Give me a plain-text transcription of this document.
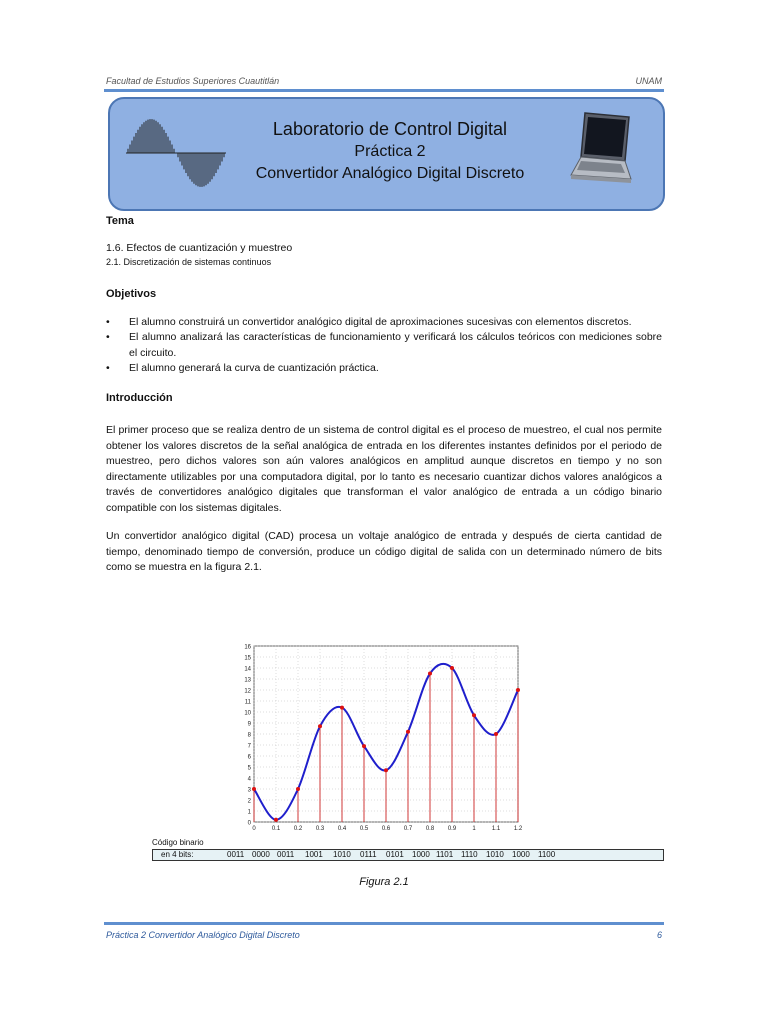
Facultad de Estudios Superiores Cuautitlán	UNAM
Laboratorio de Control Digital
Práctica 2
Convertidor Analógico Digital Discreto
Tema

1.6. Efectos de cuantización y muestreo

2.1. Discretización de sistemas continuos

Objetivos
• El alumno construirá un convertidor analógico digital de aproximaciones sucesivas con elementos discretos.
• El alumno analizará las características de funcionamiento y verificará los cálculos teóricos con mediciones sobre el circuito.
• El alumno generará la curva de cuantización práctica.
Introducción

El primer proceso que se realiza dentro de un sistema de control digital es el proceso de muestreo, el cual nos permite obtener los valores discretos de la señal analógica de entrada en los diferentes instantes definidos por el periodo de muestreo, pero dichos valores son aún valores analógicos en amplitud aunque discretos en tiempo y no son directamente utilizables por una computadora digital, por lo tanto es necesario cuantizar dichos valores analógicos a través de convertidores analógico digitales que transforman el valor analógico de entrada a un código binario compatible con los sistemas digitales.

Un convertidor analógico digital (CAD) procesa un voltaje analógico de entrada y después de cierta cantidad de tiempo, denominado tiempo de conversión, produce un código digital de salida con un determinado número de bits como se muestra en la figura 2.1.

0
1
2
3
4
5
6
7
8
9
10
11
12
13
14
15
16
0	0.1 0.2 0.3 0.4 0.5 0.6 0.7 0.8 0.9	1	1.1 1.2
Código binario
en 4 bits:	0011 0000 0011 1001 1010 0111 0101 1000 1101 1110 1010 1000 1100
Figura 2.1
Práctica 2 Convertidor Analógico Digital Discreto	6
